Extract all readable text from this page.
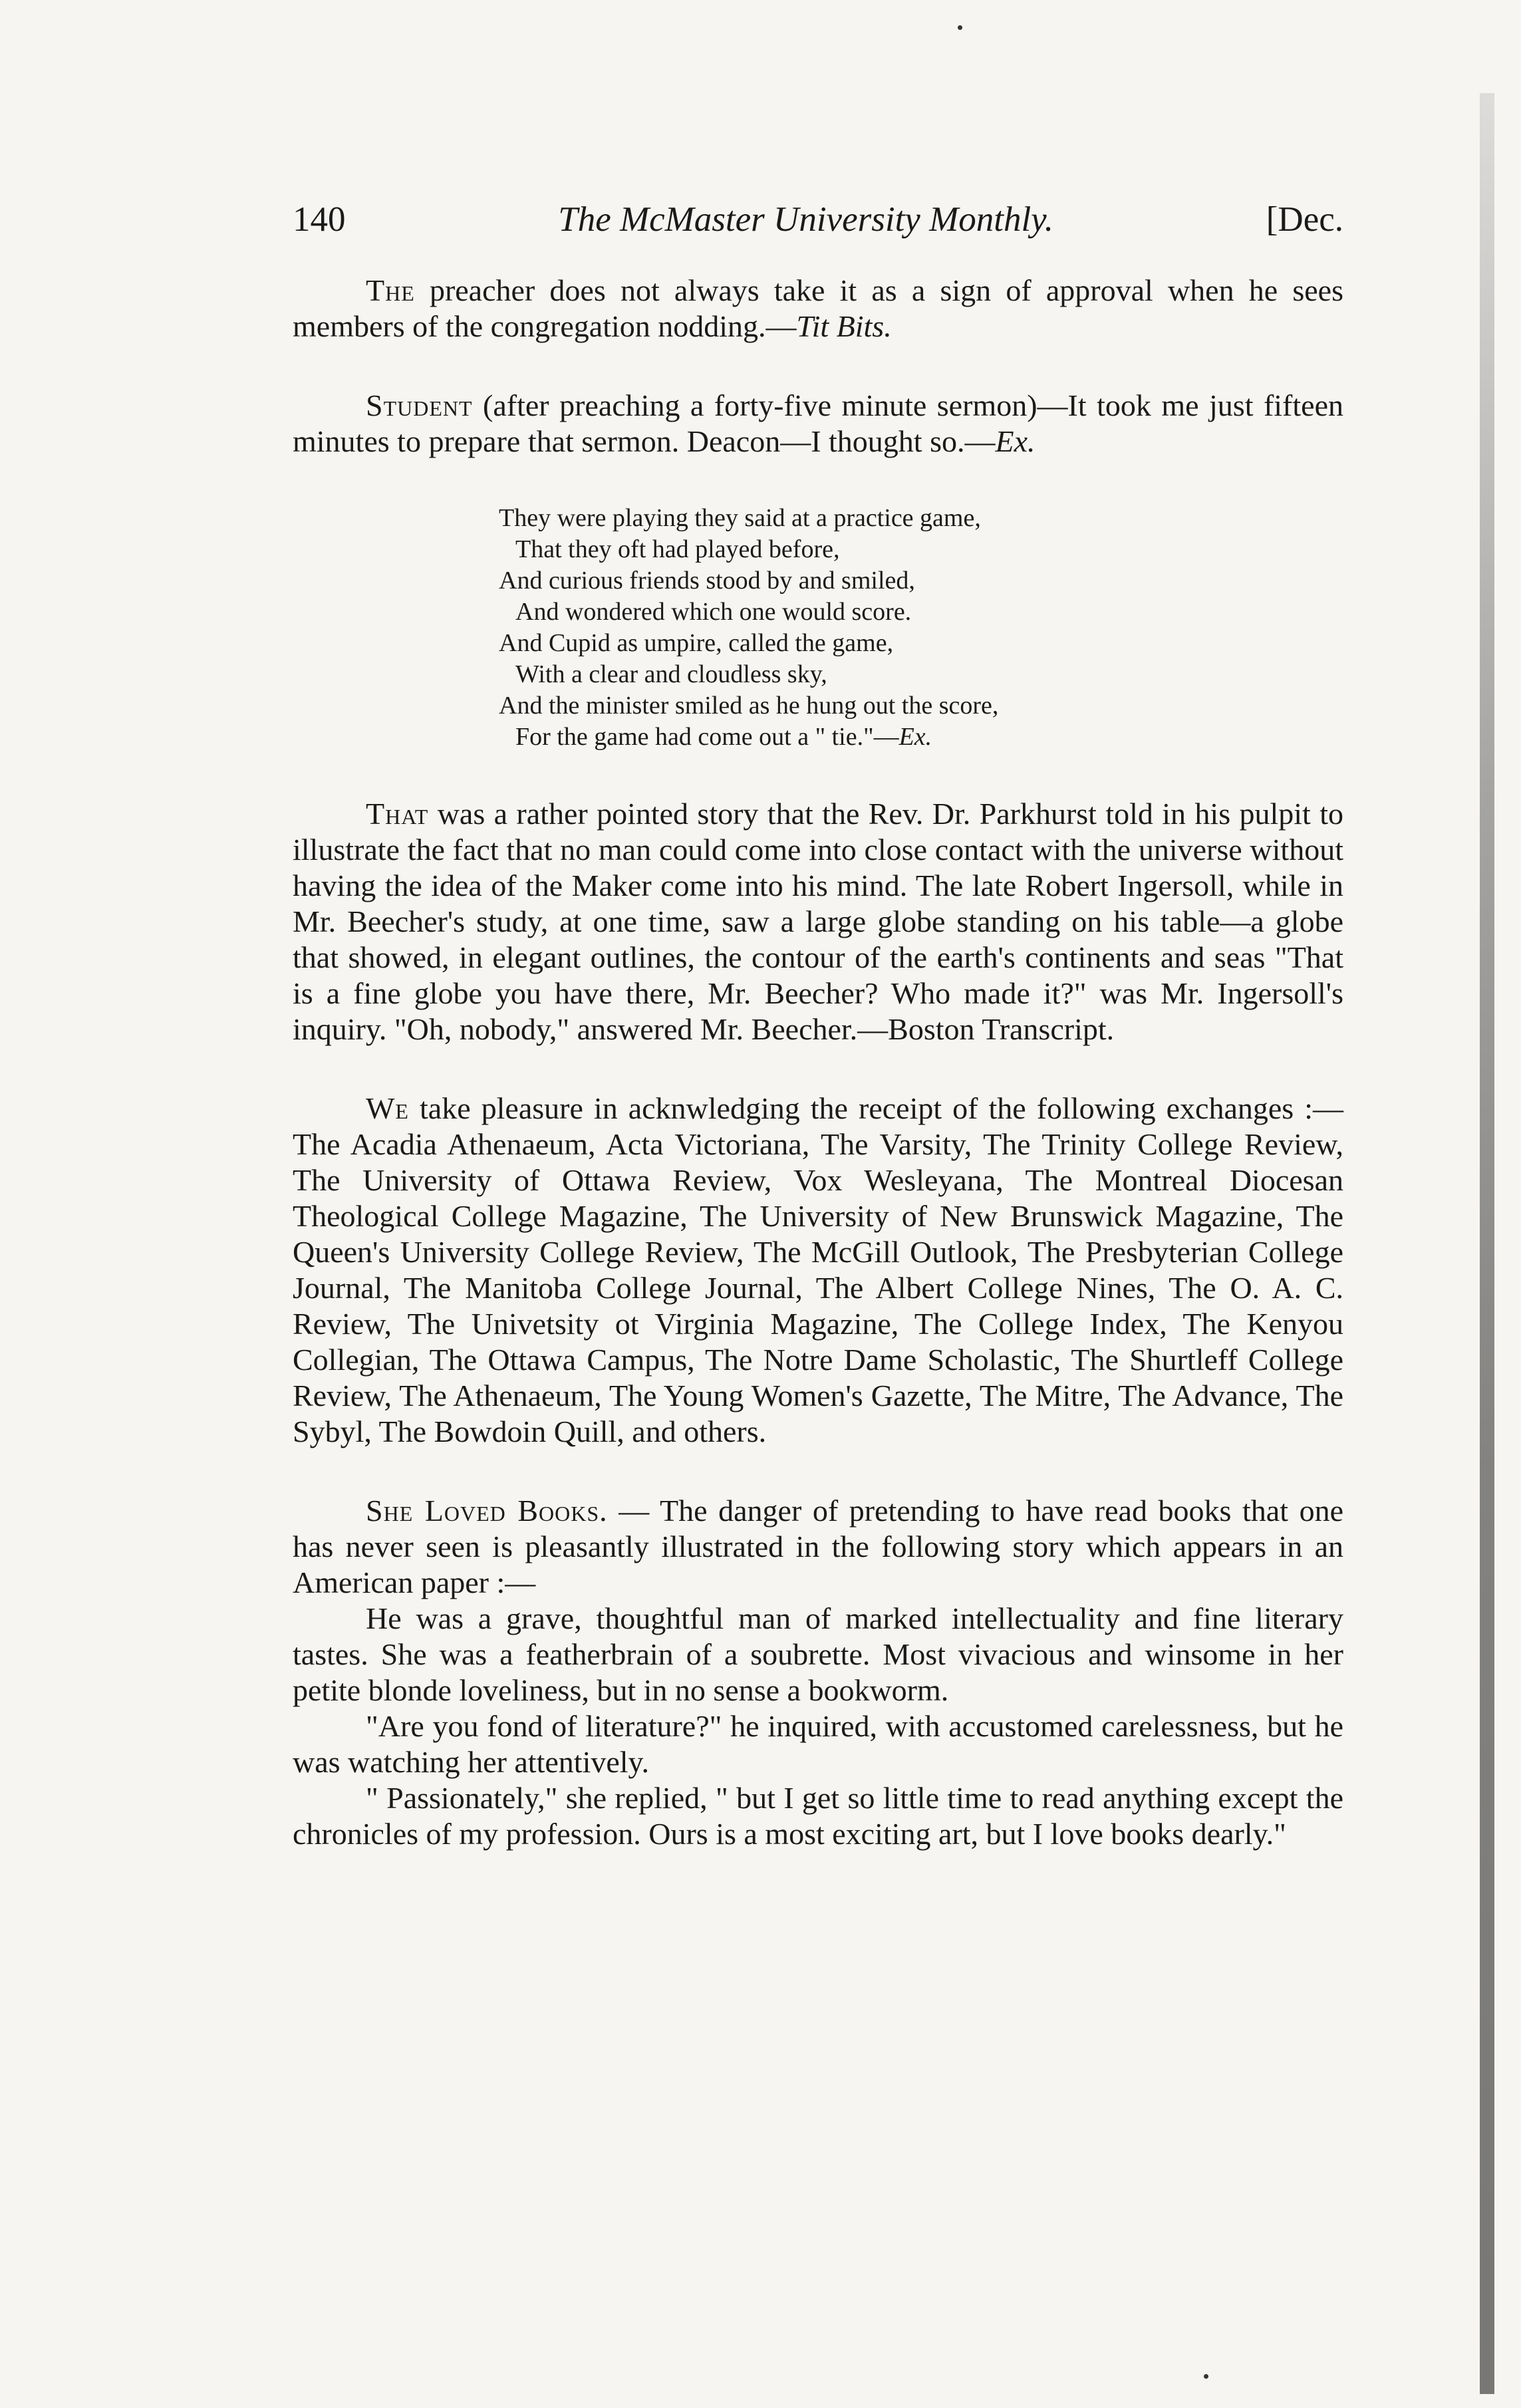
140	The McMaster University Monthly.	[Dec.

The preacher does not always take it as a sign of approval when he sees members of the congregation nodding.—Tit Bits.

Student (after preaching a forty-five minute sermon)—It took me just fifteen minutes to prepare that sermon. Deacon—I thought so.—Ex.

They were playing they said at a practice game,
That they oft had played before,
And curious friends stood by and smiled,
And wondered which one would score.
And Cupid as umpire, called the game,
With a clear and cloudless sky,
And the minister smiled as he hung out the score,
For the game had come out a " tie."—Ex.

That was a rather pointed story that the Rev. Dr. Parkhurst told in his pulpit to illustrate the fact that no man could come into close contact with the universe without having the idea of the Maker come into his mind. The late Robert Ingersoll, while in Mr. Beecher's study, at one time, saw a large globe standing on his table—a globe that showed, in elegant outlines, the contour of the earth's continents and seas "That is a fine globe you have there, Mr. Beecher? Who made it?" was Mr. Ingersoll's inquiry. "Oh, nobody," answered Mr. Beecher.—Boston Transcript.

We take pleasure in acknwledging the receipt of the following exchanges :—The Acadia Athenaeum, Acta Victoriana, The Varsity, The Trinity College Review, The University of Ottawa Review, Vox Wesleyana, The Montreal Diocesan Theological College Magazine, The University of New Brunswick Magazine, The Queen's University College Review, The McGill Outlook, The Presbyterian College Journal, The Manitoba College Journal, The Albert College Nines, The O. A. C. Review, The Univetsity ot Virginia Magazine, The College Index, The Kenyou Collegian, The Ottawa Campus, The Notre Dame Scholastic, The Shurtleff College Review, The Athenaeum, The Young Women's Gazette, The Mitre, The Advance, The Sybyl, The Bowdoin Quill, and others.

She Loved Books. — The danger of pretending to have read books that one has never seen is pleasantly illustrated in the following story which appears in an American paper :—

He was a grave, thoughtful man of marked intellectuality and fine literary tastes. She was a featherbrain of a soubrette. Most vivacious and winsome in her petite blonde loveliness, but in no sense a bookworm.

"Are you fond of literature?" he inquired, with accustomed carelessness, but he was watching her attentively.

" Passionately," she replied, " but I get so little time to read anything except the chronicles of my profession. Ours is a most exciting art, but I love books dearly."
